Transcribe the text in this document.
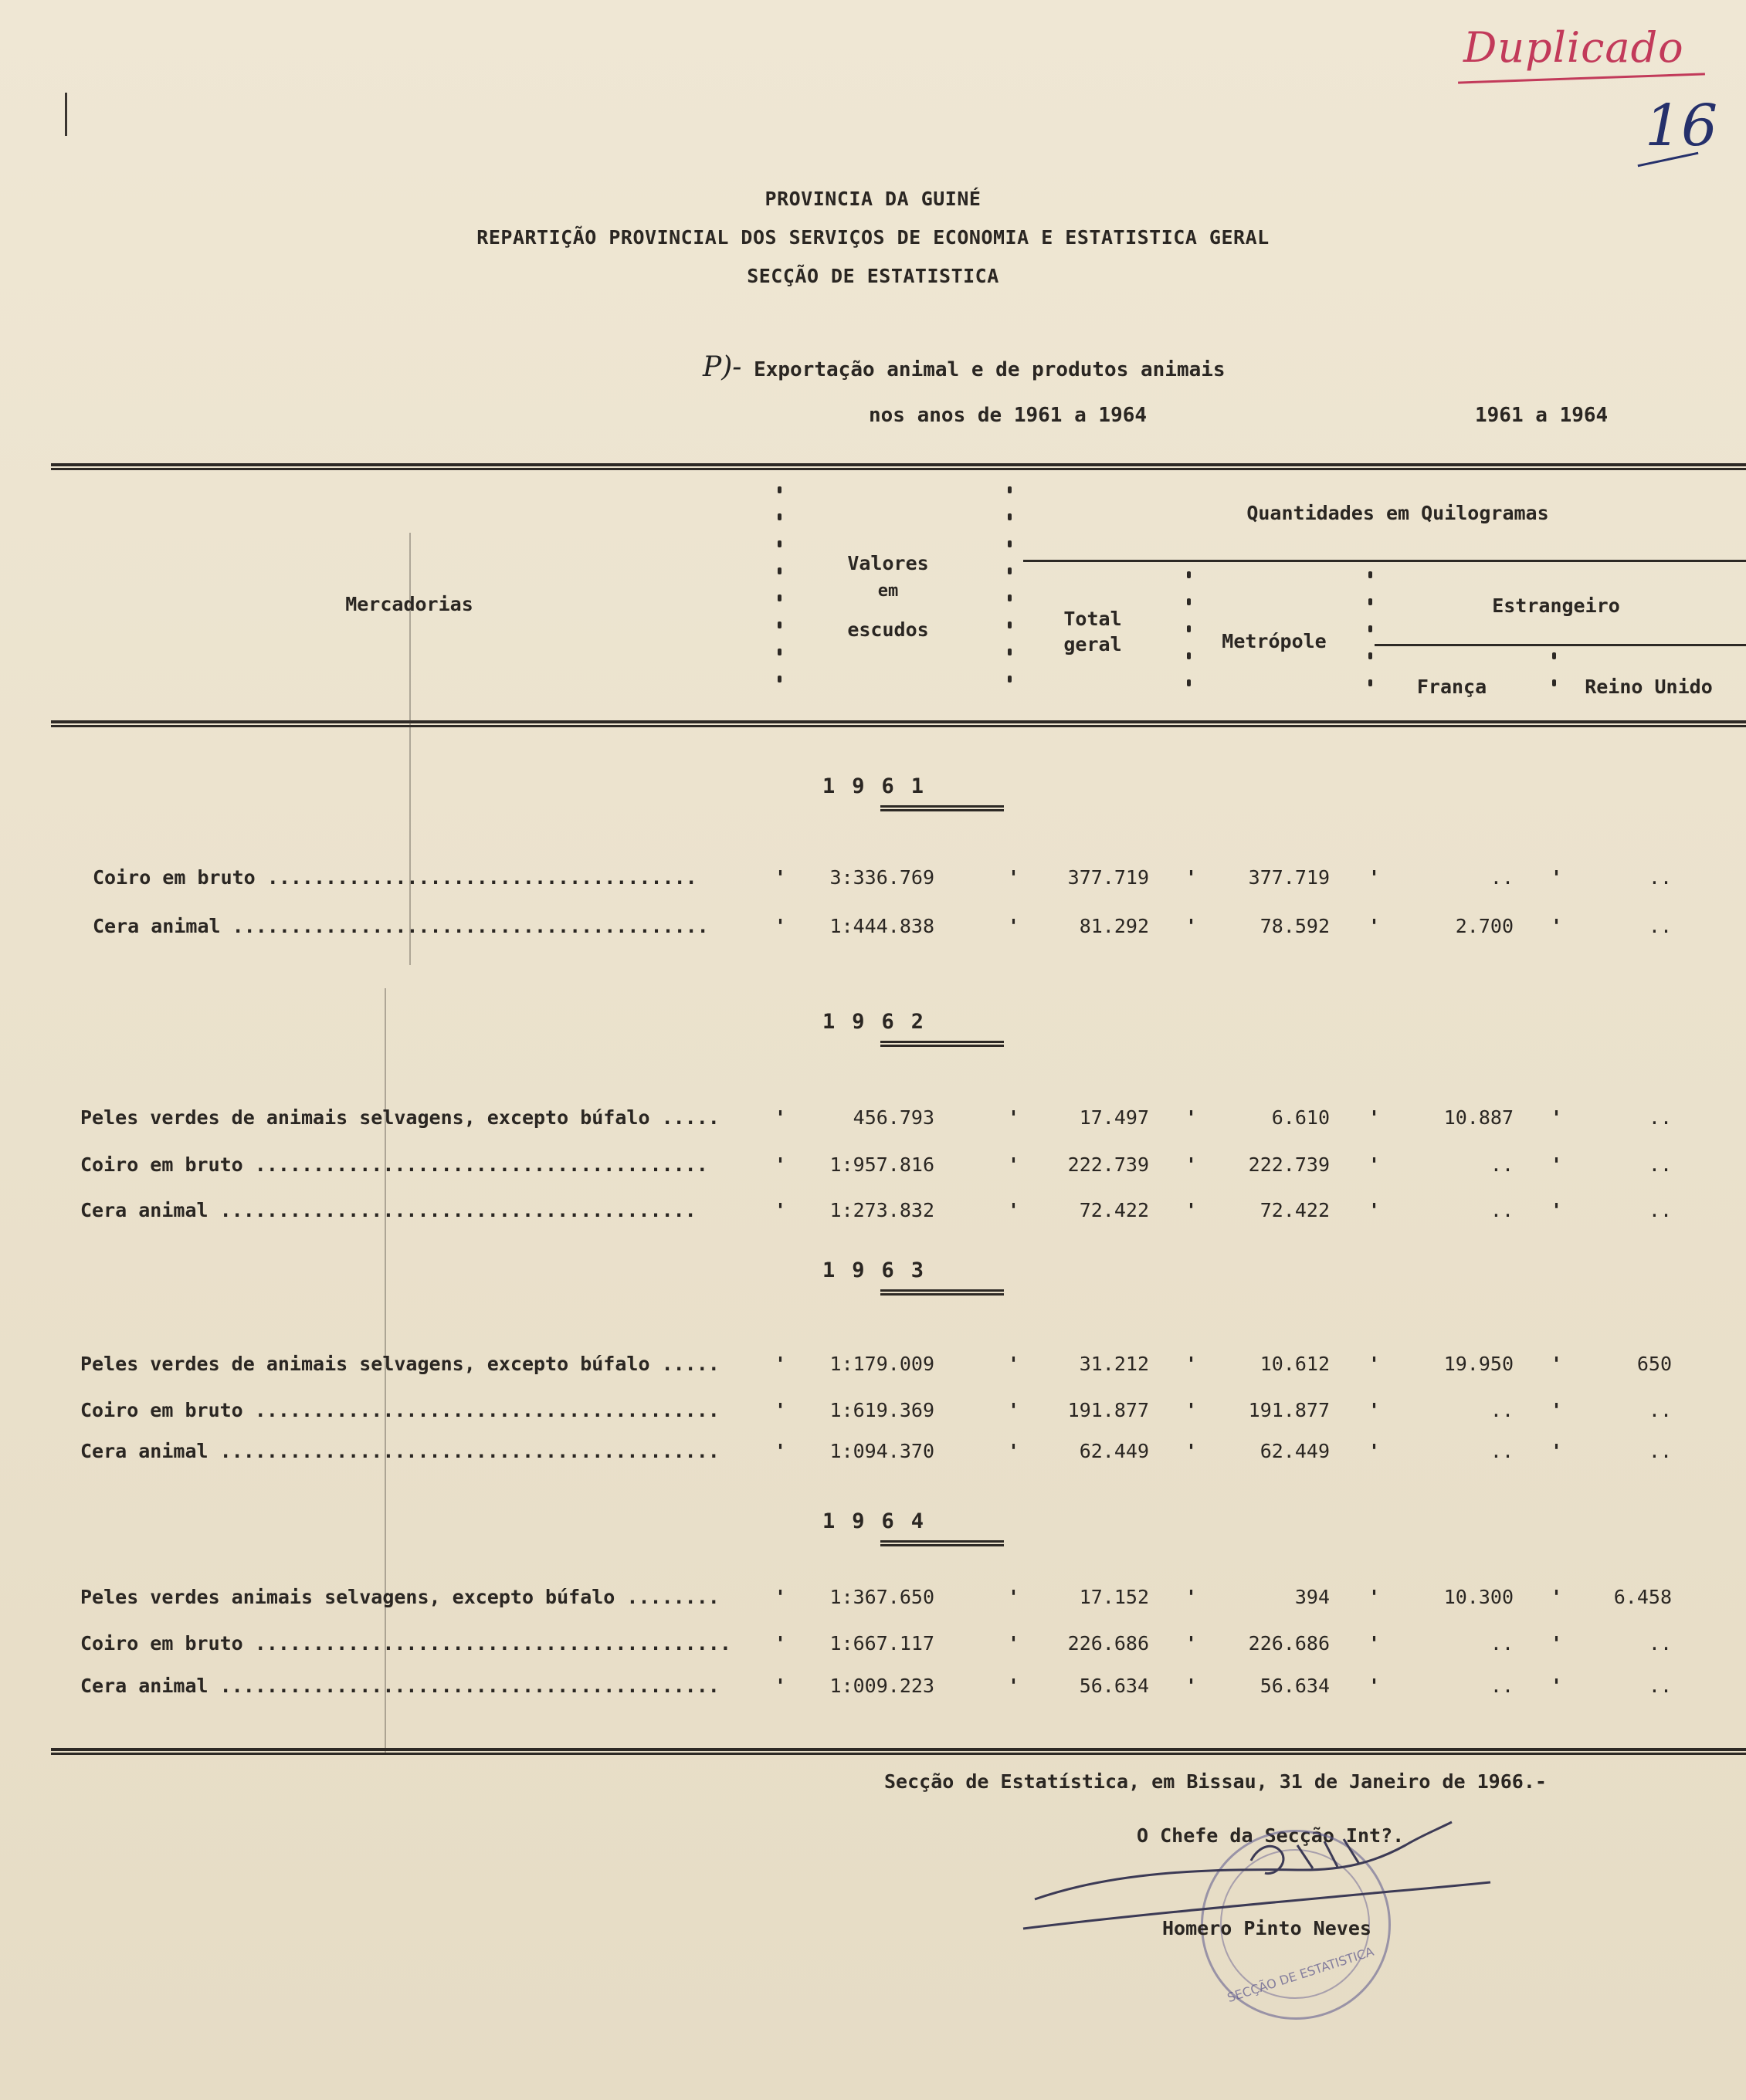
Duplicado
16
PROVINCIA DA GUINÉ
REPARTIÇÃO PROVINCIAL DOS SERVIÇOS DE ECONOMIA E ESTATISTICA GERAL
SECÇÃO DE ESTATISTICA
P)- Exportação animal e de produtos animais
nos anos de 1961 a 1964	1961 a 1964
Mercadorias
Valores
em
escudos
Quantidades em Quilogramas
Total
geral	Metrópole
Estrangeiro
França	Reino Unido
1961
Coiro em bruto .....................................	3:336.769	377.719	377.719	..	..
'	'	'	'	'
Cera animal .........................................	1:444.838	81.292	78.592	2.700	..
'	'	'	'	'
1962
Peles verdes de animais selvagens, excepto búfalo .....	456.793	17.497	6.610	10.887	..
'	'	'	'	'
Coiro em bruto .......................................	1:957.816	222.739	222.739	..	..
'	'	'	'	'
Cera animal .........................................	1:273.832	72.422	72.422	..	..
'	'	'	'	'
1963
Peles verdes de animais selvagens, excepto búfalo .....	1:179.009	31.212	10.612	19.950	650
'	'	'	'	'
Coiro em bruto ........................................	1:619.369	191.877	191.877	..	..
'	'	'	'	'
Cera animal ...........................................	1:094.370	62.449	62.449	..	..
'	'	'	'	'
1964
Peles verdes animais selvagens, excepto búfalo ........	1:367.650	17.152	394	10.300	6.458
'	'	'	'	'
Coiro em bruto .........................................	1:667.117	226.686	226.686	..	..
'	'	'	'	'
Cera animal ...........................................	1:009.223	56.634	56.634	..	..
'	'	'	'	'
Secção de Estatística, em Bissau, 31 de Janeiro de 1966.-
O Chefe da Secção Int?.
SECÇÃO DE ESTATISTICA
Homero Pinto Neves
